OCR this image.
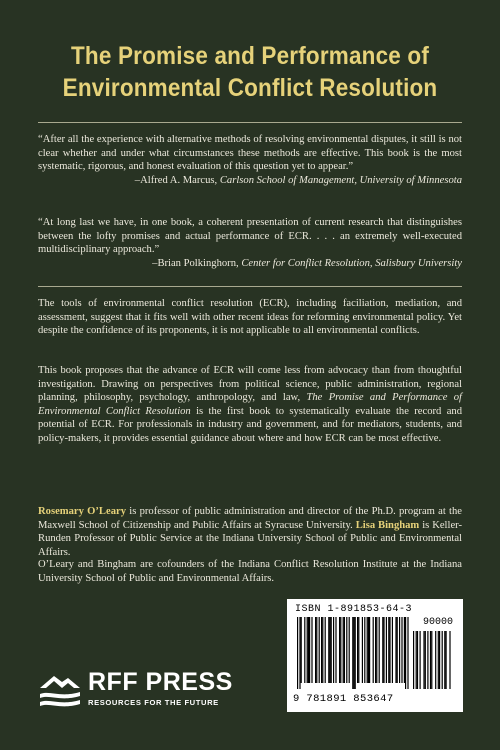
The Promise and Performance of
Environmental Conflict Resolution
“After all the experience with alternative methods of resolving environmental disputes, it still is not clear whether and under what circumstances these methods are effective. This book is the most systematic, rigorous, and honest evaluation of this question yet to appear.”
–Alfred A. Marcus, Carlson School of Management, University of Minnesota
“At long last we have, in one book, a coherent presentation of current research that distinguishes between the lofty promises and actual performance of ECR. . . . an extremely well-executed multidisciplinary approach.”
–Brian Polkinghorn, Center for Conflict Resolution, Salisbury University
The tools of environmental conflict resolution (ECR), including faciliation, mediation, and assessment, suggest that it fits well with other recent ideas for reforming environmental policy. Yet despite the confidence of its proponents, it is not applicable to all environmental conflicts.
This book proposes that the advance of ECR will come less from advocacy than from thoughtful investigation. Drawing on perspectives from political science, public administration, regional planning, philosophy, psychology, anthropology, and law, The Promise and Performance of Environmental Conflict Resolution is the first book to systematically evaluate the record and potential of ECR. For professionals in industry and government, and for mediators, students, and policy-makers, it provides essential guidance about where and how ECR can be most effective.
Rosemary O’Leary is professor of public administration and director of the Ph.D. program at the Maxwell School of Citizenship and Public Affairs at Syracuse University. Lisa Bingham is Keller-Runden Professor of Public Service at the Indiana University School of Public and Environmental Affairs.
O’Leary and Bingham are cofounders of the Indiana Conflict Resolution Institute at the Indiana University School of Public and Environmental Affairs.
RFF PRESS
RESOURCES FOR THE FUTURE
ISBN 1-891853-64-3
90000
9 781891 853647
